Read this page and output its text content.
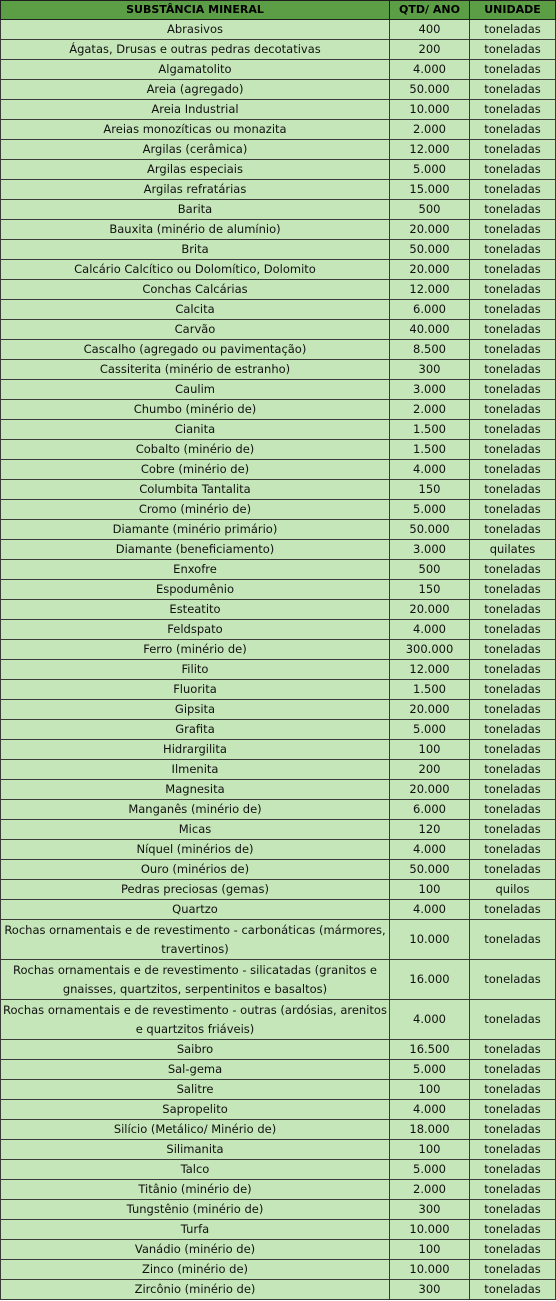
SUBSTÂNCIA MINERAL	QTD/ ANO	UNIDADE
Abrasivos	400	toneladas
Ágatas, Drusas e outras pedras decotativas	200	toneladas
Algamatolito	4.000	toneladas
Areia (agregado)	50.000	toneladas
Areia Industrial	10.000	toneladas
Areias monozíticas ou monazita	2.000	toneladas
Argilas (cerâmica)	12.000	toneladas
Argilas especiais	5.000	toneladas
Argilas refratárias	15.000	toneladas
Barita	500	toneladas
Bauxita (minério de alumínio)	20.000	toneladas
Brita	50.000	toneladas
Calcário Calcítico ou Dolomítico, Dolomito	20.000	toneladas
Conchas Calcárias	12.000	toneladas
Calcita	6.000	toneladas
Carvão	40.000	toneladas
Cascalho (agregado ou pavimentação)	8.500	toneladas
Cassiterita (minério de estranho)	300	toneladas
Caulim	3.000	toneladas
Chumbo (minério de)	2.000	toneladas
Cianita	1.500	toneladas
Cobalto (minério de)	1.500	toneladas
Cobre (minério de)	4.000	toneladas
Columbita Tantalita	150	toneladas
Cromo (minério de)	5.000	toneladas
Diamante (minério primário)	50.000	toneladas
Diamante (beneficiamento)	3.000	quilates
Enxofre	500	toneladas
Espodumênio	150	toneladas
Esteatito	20.000	toneladas
Feldspato	4.000	toneladas
Ferro (minério de)	300.000	toneladas
Filito	12.000	toneladas
Fluorita	1.500	toneladas
Gipsita	20.000	toneladas
Grafita	5.000	toneladas
Hidrargilita	100	toneladas
Ilmenita	200	toneladas
Magnesita	20.000	toneladas
Manganês (minério de)	6.000	toneladas
Micas	120	toneladas
Níquel (minérios de)	4.000	toneladas
Ouro (minérios de)	50.000	toneladas
Pedras preciosas (gemas)	100	quilos
Quartzo	4.000	toneladas
Rochas ornamentais e de revestimento - carbonáticas (mármores, travertinos)	10.000	toneladas
Rochas ornamentais e de revestimento - silicatadas (granitos e gnaisses, quartzitos, serpentinitos e basaltos)	16.000	toneladas
Rochas ornamentais e de revestimento - outras (ardósias, arenitos e quartzitos friáveis)	4.000	toneladas
Saibro	16.500	toneladas
Sal-gema	5.000	toneladas
Salitre	100	toneladas
Sapropelito	4.000	toneladas
Silício (Metálico/ Minério de)	18.000	toneladas
Silimanita	100	toneladas
Talco	5.000	toneladas
Titânio (minério de)	2.000	toneladas
Tungstênio (minério de)	300	toneladas
Turfa	10.000	toneladas
Vanádio (minério de)	100	toneladas
Zinco (minério de)	10.000	toneladas
Zircônio (minério de)	300	toneladas
